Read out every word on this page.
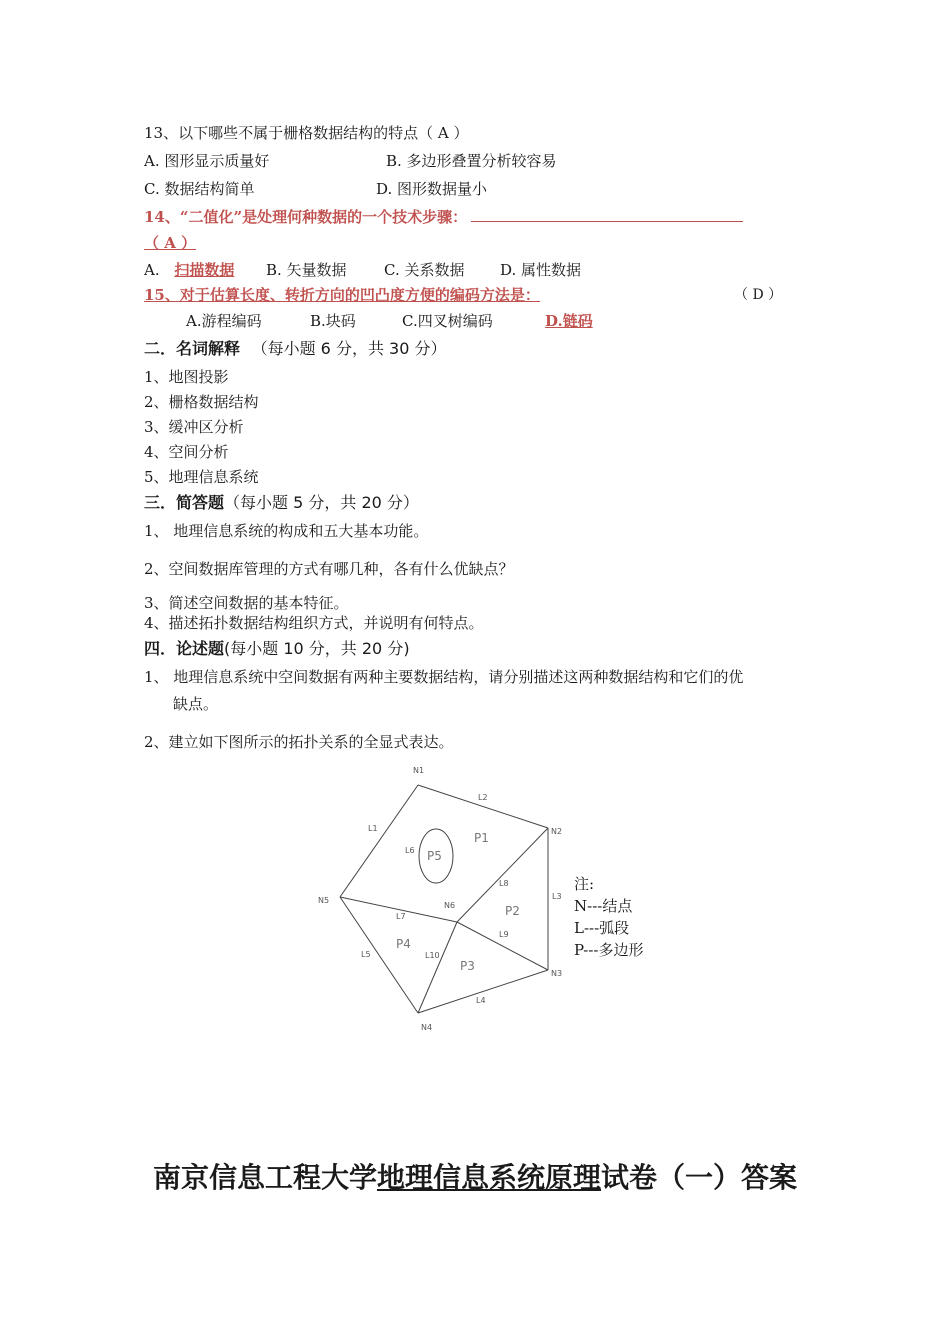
13、以下哪些不属于栅格数据结构的特点（ A ）
A. 图形显示质量好	B. 多边形叠置分析较容易
C. 数据结构简单	D. 图形数据量小
14、“二值化”是处理何种数据的一个技术步骤：
（ A ）
A. 扫描数据 B. 矢量数据 C. 关系数据 D. 属性数据
15、对于估算长度、转折方向的凹凸度方便的编码方法是：	（ D ）
A.游程编码	B.块码	C.四叉树编码	D.链码
二．名词解释 （每小题 6 分，共 30 分）
1、地图投影
2、栅格数据结构
3、缓冲区分析
4、空间分析
5、地理信息系统
三．简答题（每小题 5 分，共 20 分）
1、 地理信息系统的构成和五大基本功能。
2、空间数据库管理的方式有哪几种，各有什么优缺点？
3、简述空间数据的基本特征。
4、描述拓扑数据结构组织方式，并说明有何特点。
四．论述题(每小题 10 分，共 20 分)
1、 地理信息系统中空间数据有两种主要数据结构，请分别描述这两种数据结构和它们的优
缺点。
2、建立如下图所示的拓扑关系的全显式表达。
N1
N2
N3
N4
N5
N6
L1
L2
L3
L4
L5
L6
L7
L8
L9
L10
P1
P2
P3
P4
P5
注:
N---结点
L---弧段
P---多边形
南京信息工程大学地理信息系统原理试卷（一）答案
